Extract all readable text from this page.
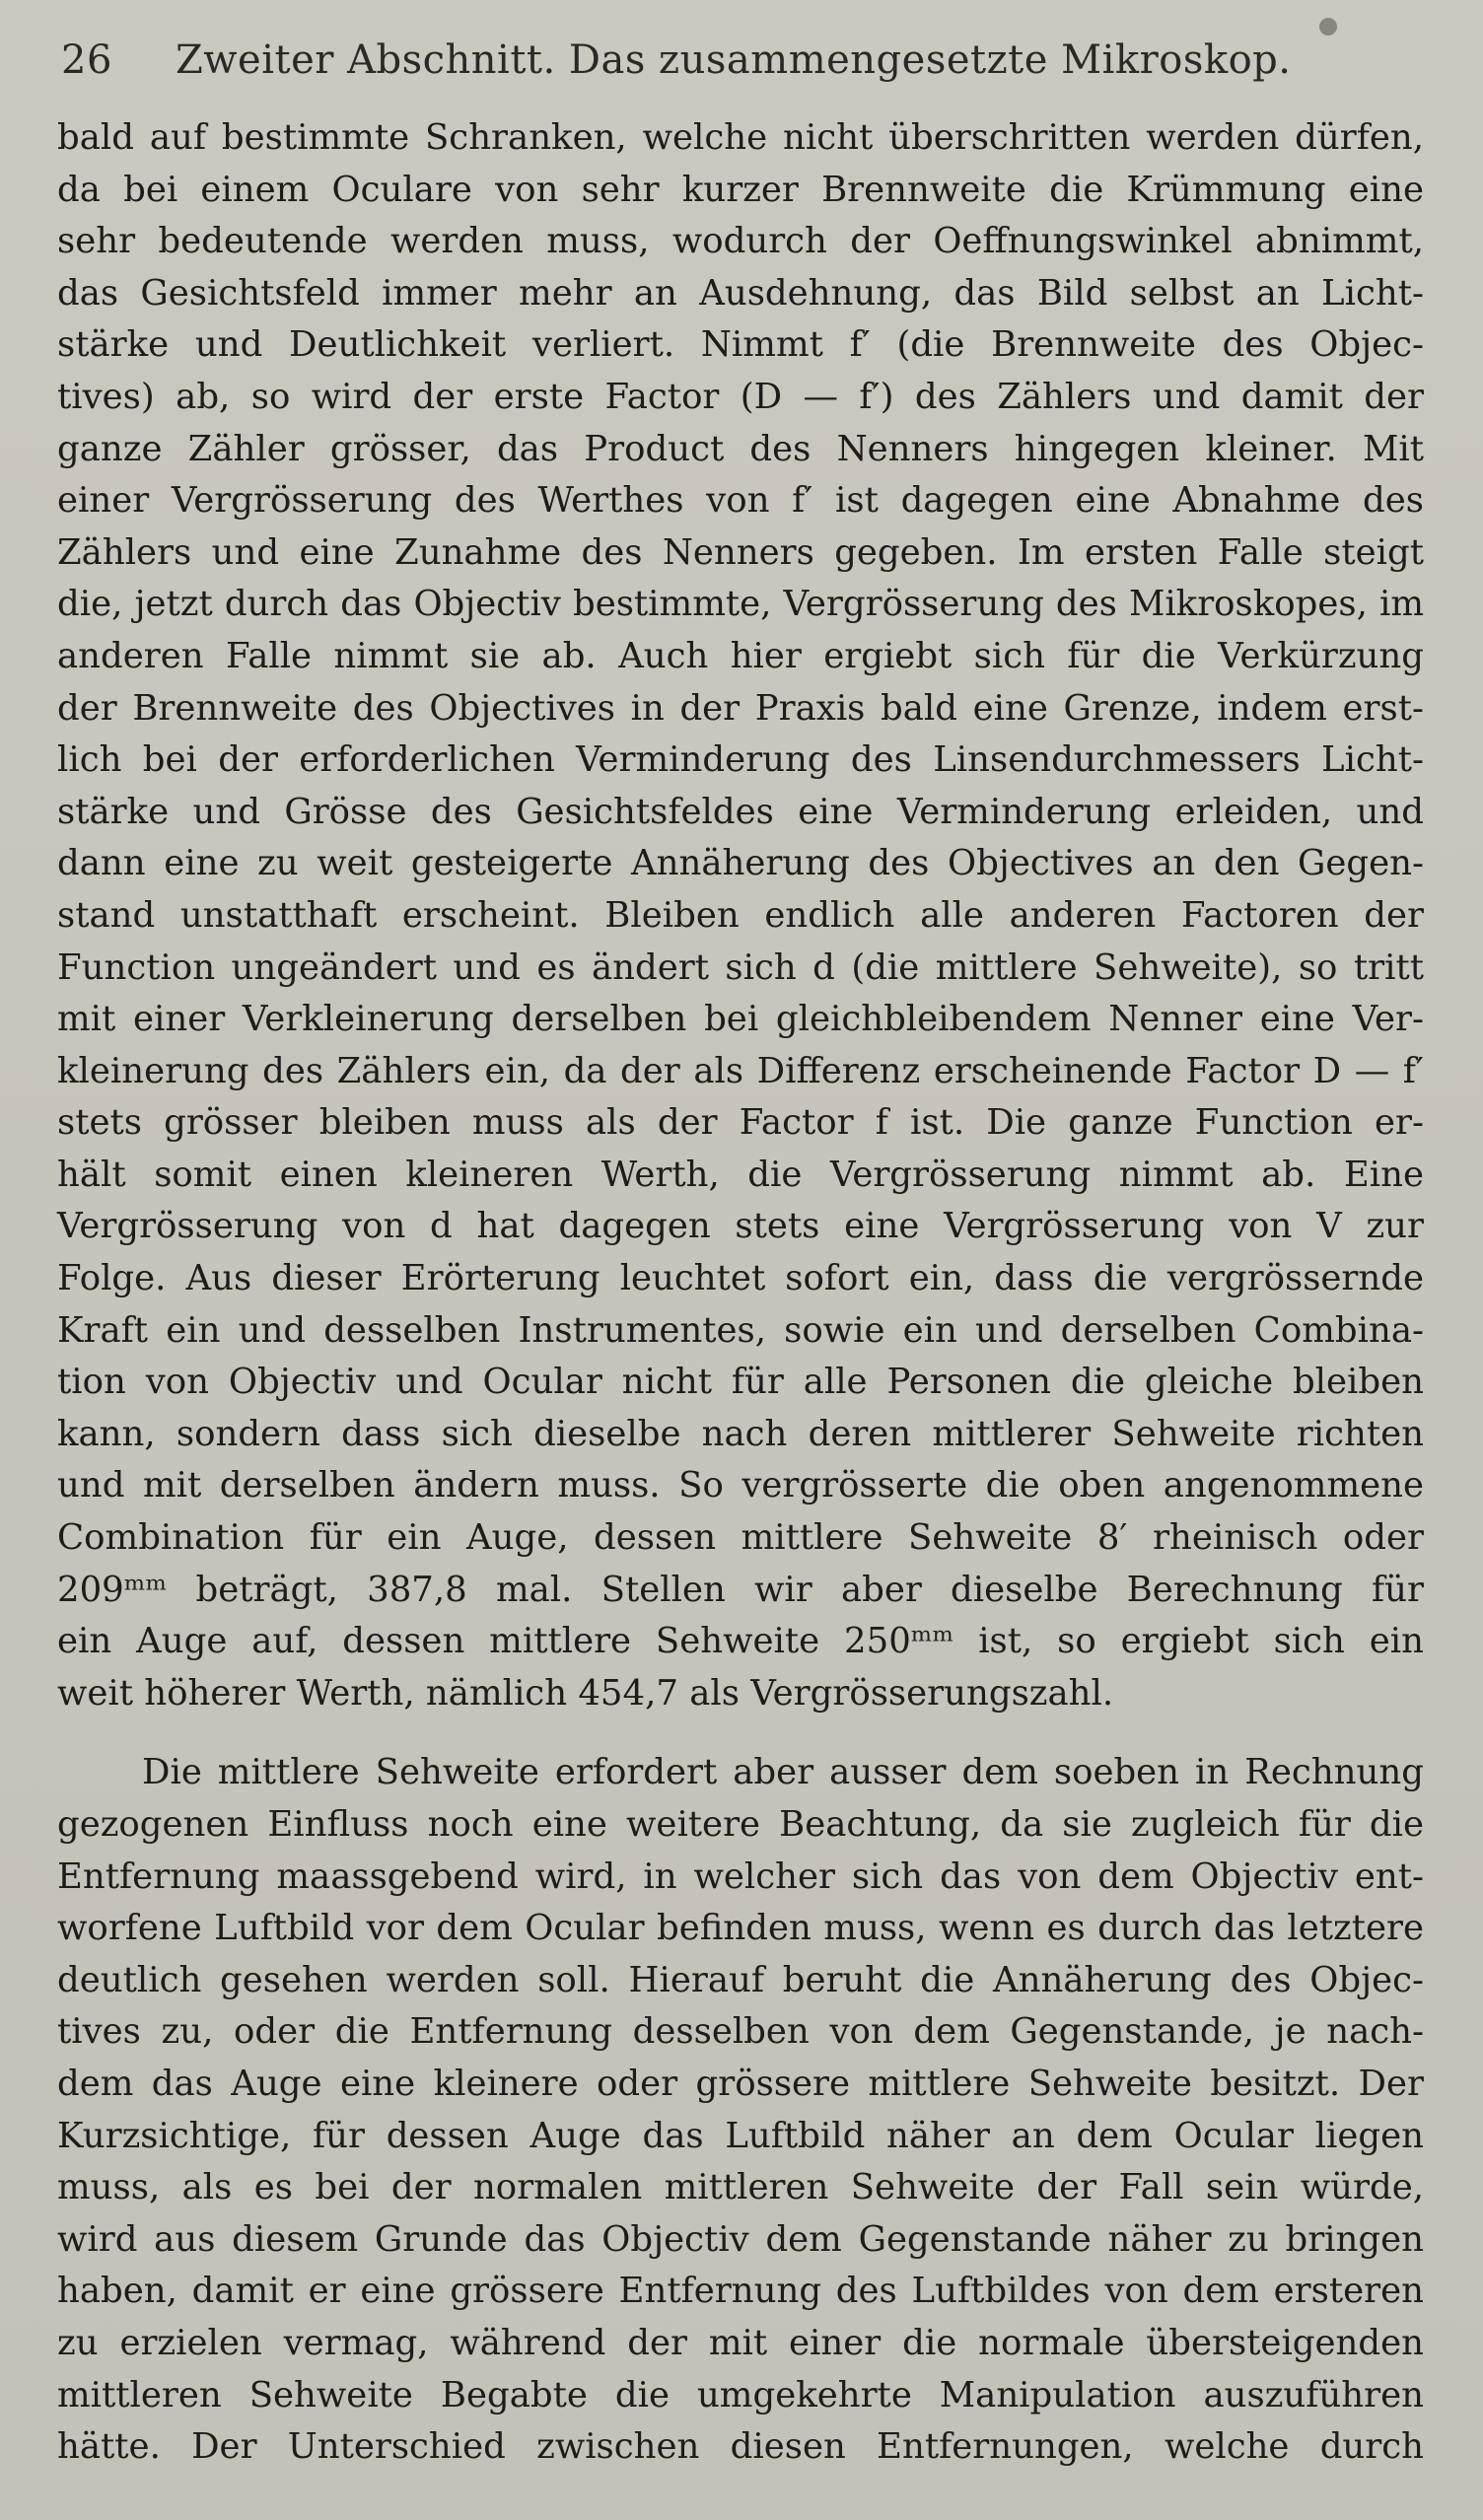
26	Zweiter Abschnitt. Das zusammengesetzte Mikroskop.
bald auf bestimmte Schranken, welche nicht überschritten werden dürfen,
da bei einem Oculare von sehr kurzer Brennweite die Krümmung eine
sehr bedeutende werden muss, wodurch der Oeffnungswinkel abnimmt,
das Gesichtsfeld immer mehr an Ausdehnung, das Bild selbst an Licht-
stärke und Deutlichkeit verliert. Nimmt f′ (die Brennweite des Objec-
tives) ab, so wird der erste Factor (D — f′) des Zählers und damit der
ganze Zähler grösser, das Product des Nenners hingegen kleiner. Mit
einer Vergrösserung des Werthes von f′ ist dagegen eine Abnahme des
Zählers und eine Zunahme des Nenners gegeben. Im ersten Falle steigt
die, jetzt durch das Objectiv bestimmte, Vergrösserung des Mikroskopes, im
anderen Falle nimmt sie ab. Auch hier ergiebt sich für die Verkürzung
der Brennweite des Objectives in der Praxis bald eine Grenze, indem erst-
lich bei der erforderlichen Verminderung des Linsendurchmessers Licht-
stärke und Grösse des Gesichtsfeldes eine Verminderung erleiden, und
dann eine zu weit gesteigerte Annäherung des Objectives an den Gegen-
stand unstatthaft erscheint. Bleiben endlich alle anderen Factoren der
Function ungeändert und es ändert sich d (die mittlere Sehweite), so tritt
mit einer Verkleinerung derselben bei gleichbleibendem Nenner eine Ver-
kleinerung des Zählers ein, da der als Differenz erscheinende Factor D — f′
stets grösser bleiben muss als der Factor f ist. Die ganze Function er-
hält somit einen kleineren Werth, die Vergrösserung nimmt ab. Eine
Vergrösserung von d hat dagegen stets eine Vergrösserung von V zur
Folge. Aus dieser Erörterung leuchtet sofort ein, dass die vergrössernde
Kraft ein und desselben Instrumentes, sowie ein und derselben Combina-
tion von Objectiv und Ocular nicht für alle Personen die gleiche bleiben
kann, sondern dass sich dieselbe nach deren mittlerer Sehweite richten
und mit derselben ändern muss. So vergrösserte die oben angenommene
Combination für ein Auge, dessen mittlere Sehweite 8′ rheinisch oder
209ᵐᵐ beträgt, 387,8 mal. Stellen wir aber dieselbe Berechnung für
ein Auge auf, dessen mittlere Sehweite 250ᵐᵐ ist, so ergiebt sich ein
weit höherer Werth, nämlich 454,7 als Vergrösserungszahl.
Die mittlere Sehweite erfordert aber ausser dem soeben in Rechnung
gezogenen Einfluss noch eine weitere Beachtung, da sie zugleich für die
Entfernung maassgebend wird, in welcher sich das von dem Objectiv ent-
worfene Luftbild vor dem Ocular befinden muss, wenn es durch das letztere
deutlich gesehen werden soll. Hierauf beruht die Annäherung des Objec-
tives zu, oder die Entfernung desselben von dem Gegenstande, je nach-
dem das Auge eine kleinere oder grössere mittlere Sehweite besitzt. Der
Kurzsichtige, für dessen Auge das Luftbild näher an dem Ocular liegen
muss, als es bei der normalen mittleren Sehweite der Fall sein würde,
wird aus diesem Grunde das Objectiv dem Gegenstande näher zu bringen
haben, damit er eine grössere Entfernung des Luftbildes von dem ersteren
zu erzielen vermag, während der mit einer die normale übersteigenden
mittleren Sehweite Begabte die umgekehrte Manipulation auszuführen
hätte. Der Unterschied zwischen diesen Entfernungen, welche durch
